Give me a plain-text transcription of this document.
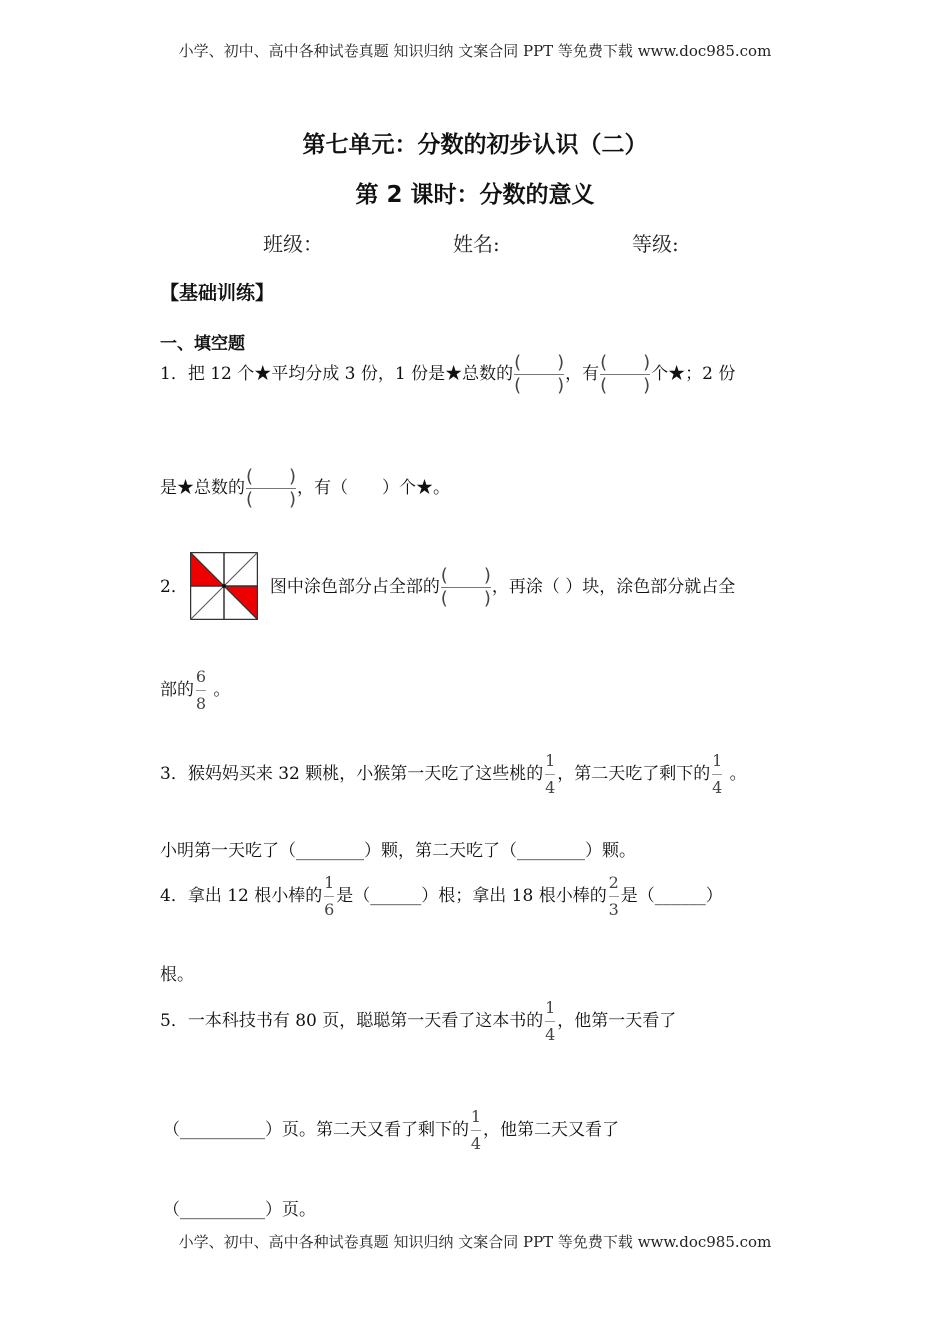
小学、初中、高中各种试卷真题 知识归纳 文案合同 PPT 等免费下载 www.doc985.com
第七单元：分数的初步认识（二）
第 2 课时：分数的意义
班级：	姓名:	等级:
【基础训练】
一、填空题
1．把 12 个★平均分成 3 份，1 份是★总数的 $\frac{( )}{( )}$ ，有 $\frac{( )}{( )}$ 个★；2 份
是★总数的 $\frac{( )}{( )}$ ，有（　　）个★。
2．	图中涂色部分占全部的 $\frac{( )}{( )}$ ，再涂（ ）块，涂色部分就占全
部的 $\frac{6}{8}$ 。
3．猴妈妈买来 32 颗桃，小猴第一天吃了这些桃的 $\frac{1}{4}$ ，第二天吃了剩下的 $\frac{1}{4}$ 。
小明第一天吃了（________）颗，第二天吃了（________）颗。
4．拿出 12 根小棒的 $\frac{1}{6}$ 是（______）根；拿出 18 根小棒的 $\frac{2}{3}$ 是（______）
根。
5．一本科技书有 80 页，聪聪第一天看了这本书的 $\frac{1}{4}$ ，他第一天看了
（__________）页。第二天又看了剩下的 $\frac{1}{4}$ ，他第二天又看了
（__________）页。
小学、初中、高中各种试卷真题 知识归纳 文案合同 PPT 等免费下载 www.doc985.com
